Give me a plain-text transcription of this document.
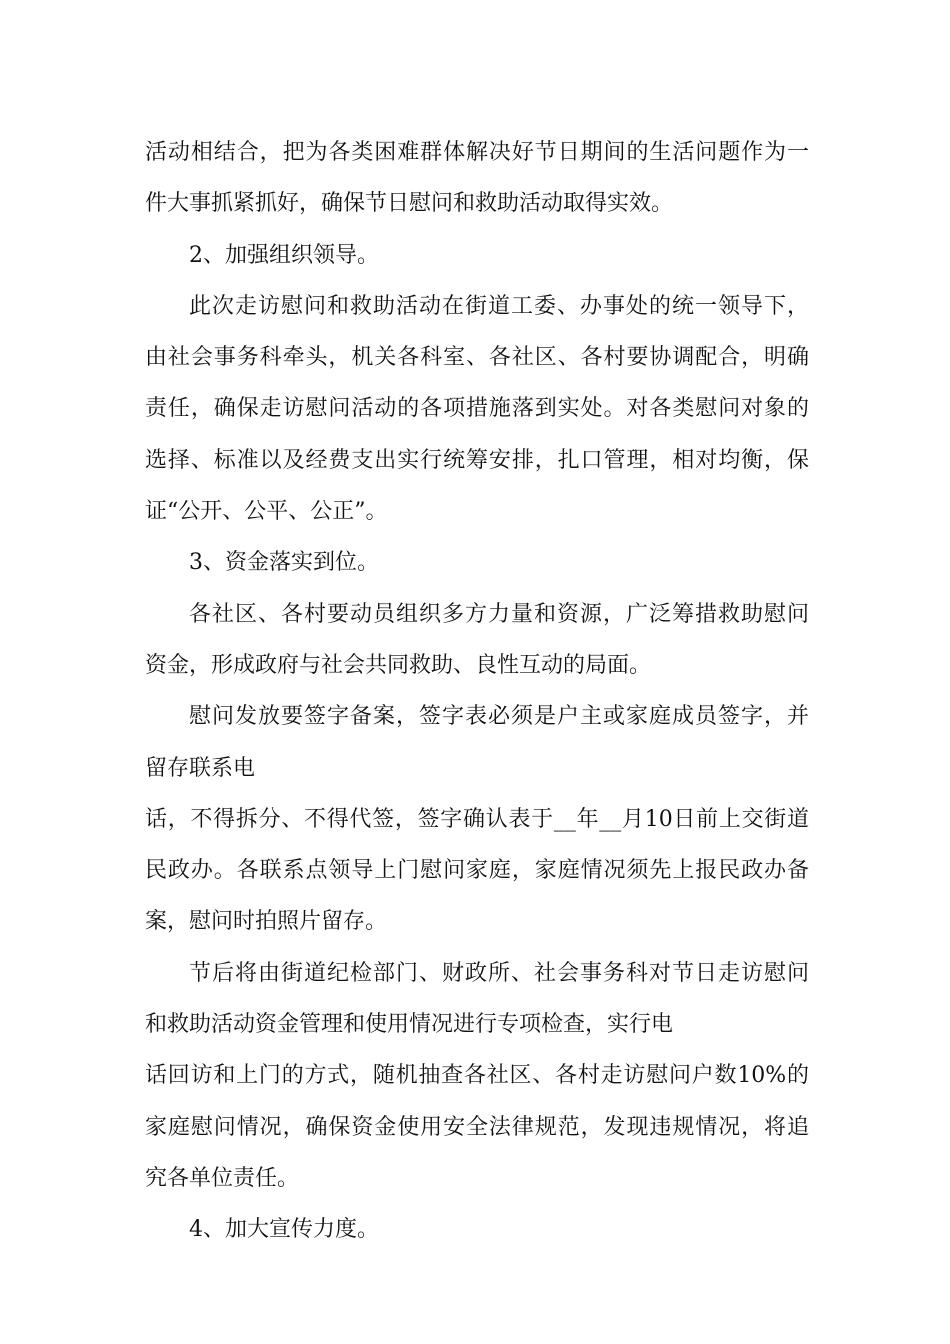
活动相结合，把为各类困难群体解决好节日期间的生活问题作为一
件大事抓紧抓好，确保节日慰问和救助活动取得实效。
2、加强组织领导。
此次走访慰问和救助活动在街道工委、办事处的统一领导下，
由社会事务科牵头，机关各科室、各社区、各村要协调配合，明确
责任，确保走访慰问活动的各项措施落到实处。对各类慰问对象的
选择、标准以及经费支出实行统筹安排，扎口管理，相对均衡，保
证“公开、公平、公正”。
3、资金落实到位。
各社区、各村要动员组织多方力量和资源，广泛筹措救助慰问
资金，形成政府与社会共同救助、良性互动的局面。
慰问发放要签字备案，签字表必须是户主或家庭成员签字，并
留存联系电
话，不得拆分、不得代签，签字确认表于__年__月10日前上交街道
民政办。各联系点领导上门慰问家庭，家庭情况须先上报民政办备
案，慰问时拍照片留存。
节后将由街道纪检部门、财政所、社会事务科对节日走访慰问
和救助活动资金管理和使用情况进行专项检查，实行电
话回访和上门的方式，随机抽查各社区、各村走访慰问户数10%的
家庭慰问情况，确保资金使用安全法律规范，发现违规情况，将追
究各单位责任。
4、加大宣传力度。
